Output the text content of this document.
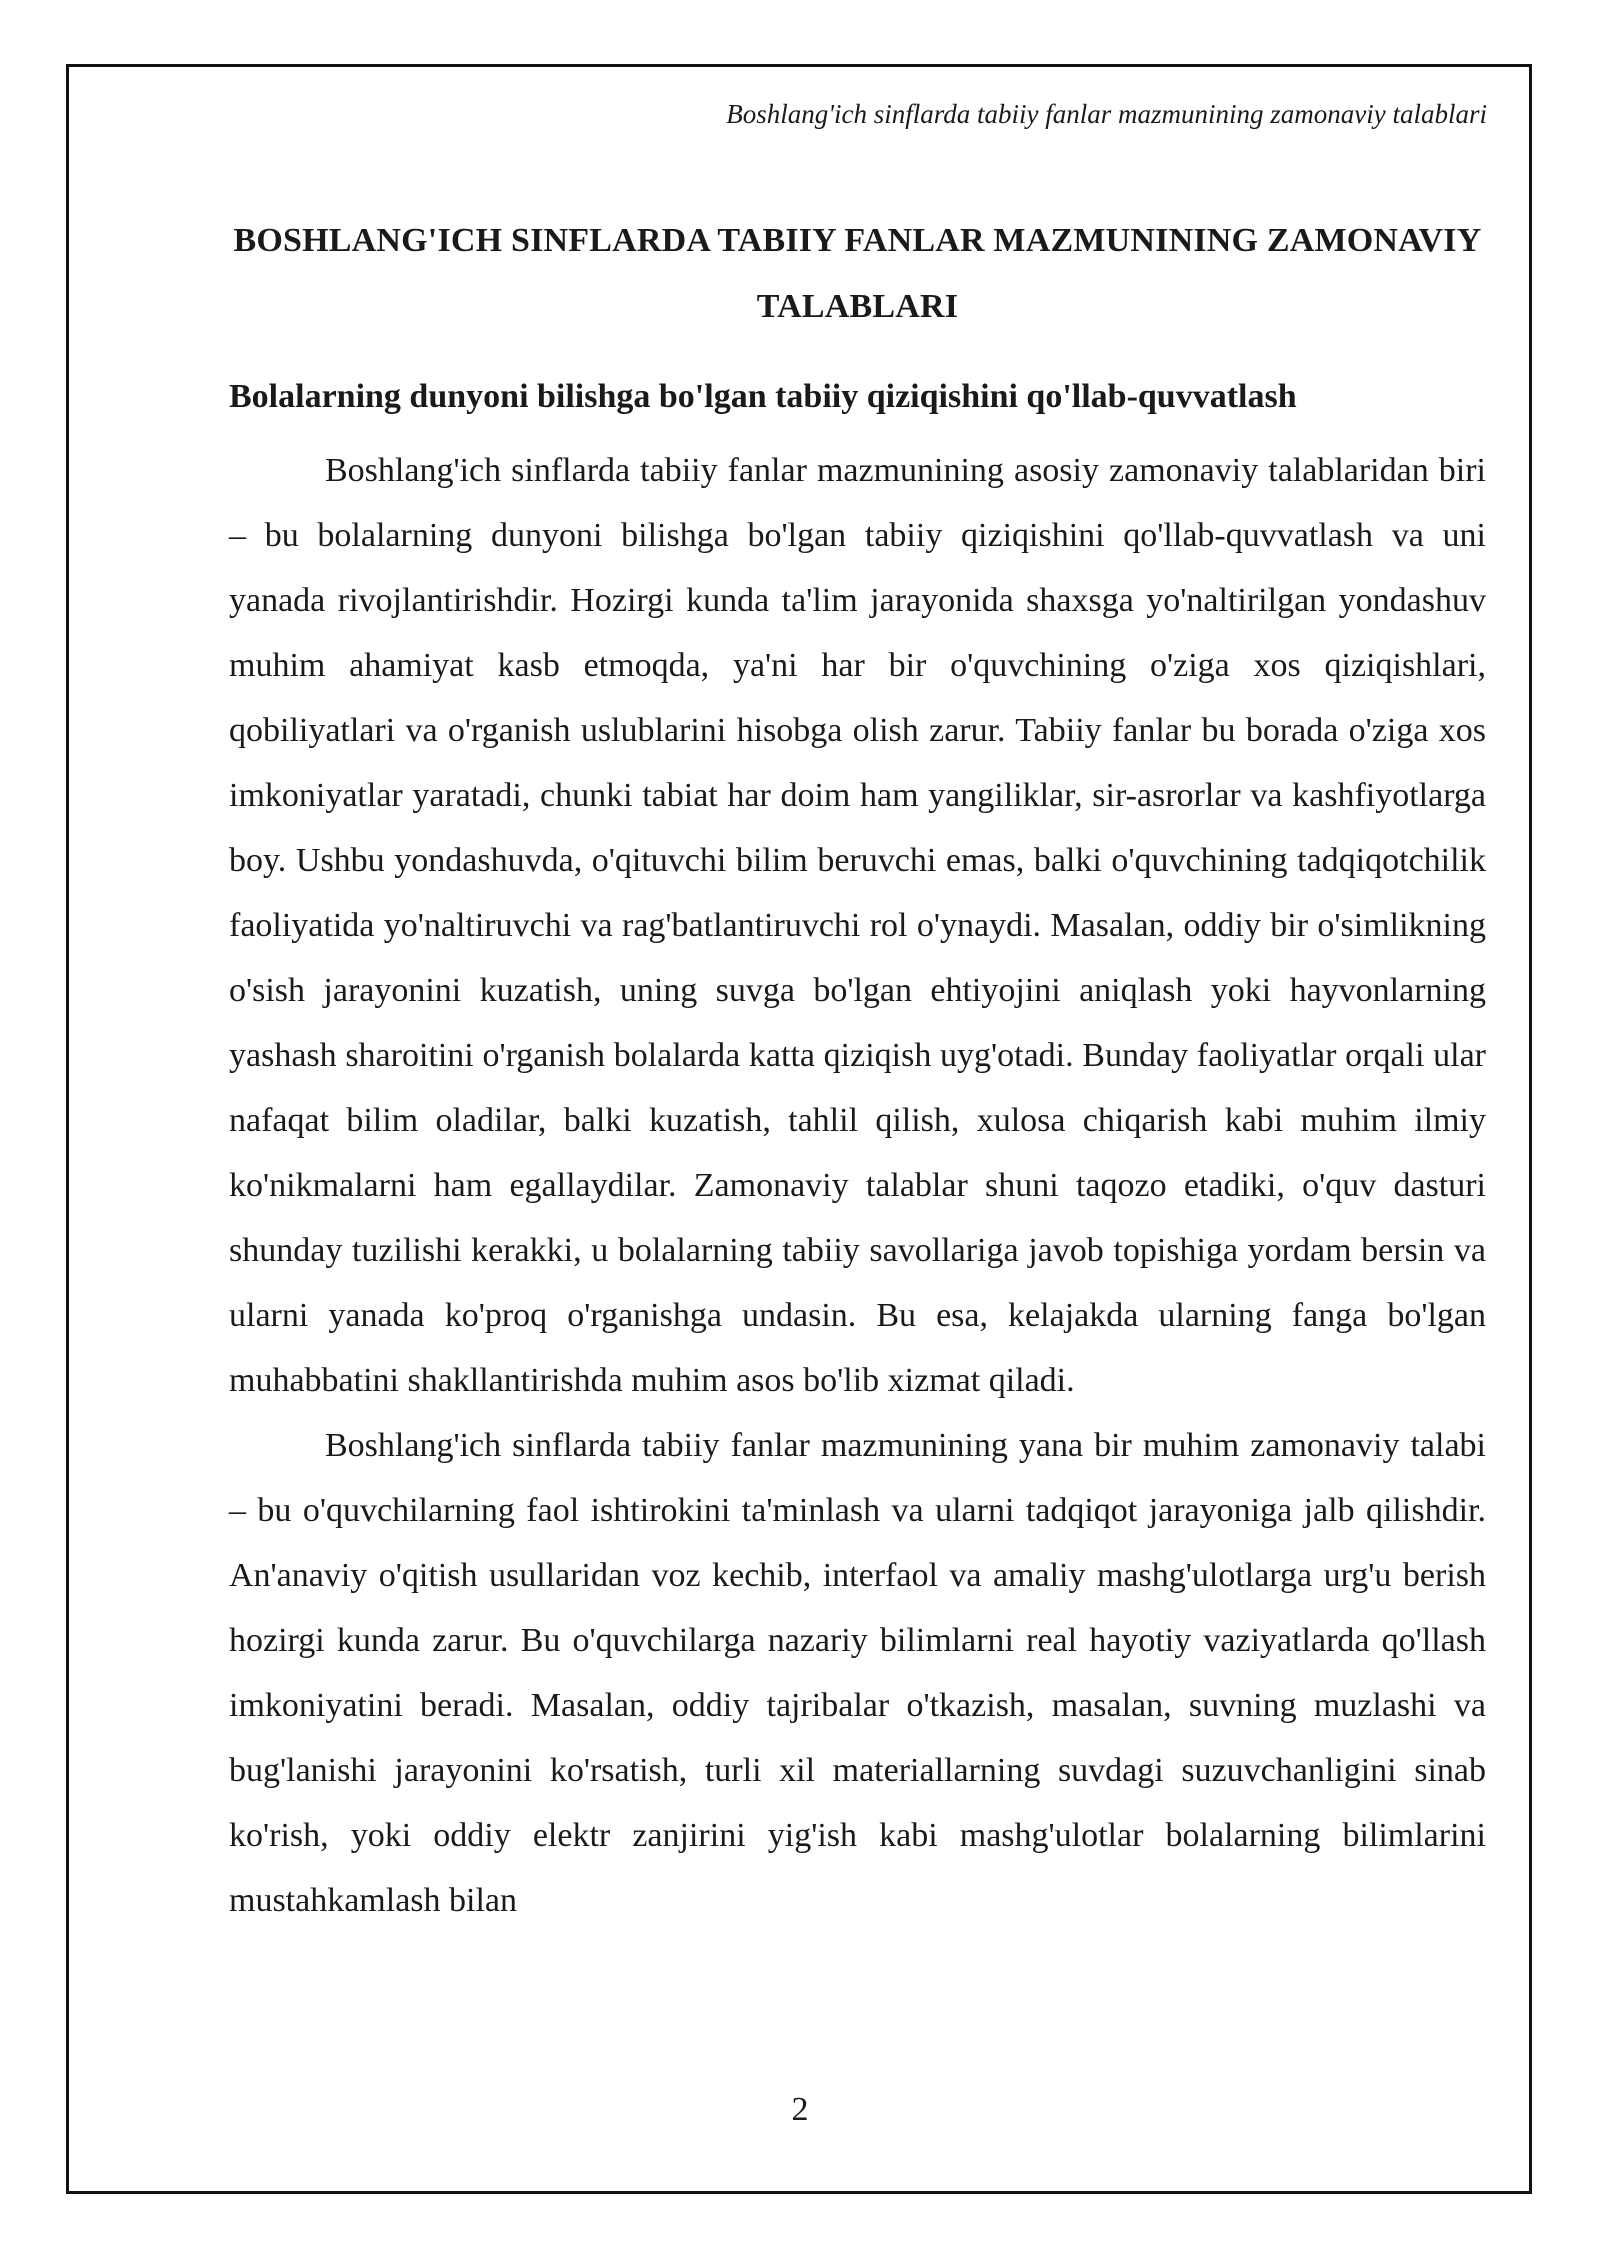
Boshlang'ich sinflarda tabiiy fanlar mazmunining zamonaviy talablari
BOSHLANG'ICH SINFLARDA TABIIY FANLAR MAZMUNINING ZAMONAVIY TALABLARI
Bolalarning dunyoni bilishga bo'lgan tabiiy qiziqishini qo'llab-quvvatlash

Boshlang'ich sinflarda tabiiy fanlar mazmunining asosiy zamonaviy talablaridan biri – bu bolalarning dunyoni bilishga bo'lgan tabiiy qiziqishini qo'llab-quvvatlash va uni yanada rivojlantirishdir. Hozirgi kunda ta'lim jarayonida shaxsga yo'naltirilgan yondashuv muhim ahamiyat kasb etmoqda, ya'ni har bir o'quvchining o'ziga xos qiziqishlari, qobiliyatlari va o'rganish uslublarini hisobga olish zarur. Tabiiy fanlar bu borada o'ziga xos imkoniyatlar yaratadi, chunki tabiat har doim ham yangiliklar, sir-asrorlar va kashfiyotlarga boy. Ushbu yondashuvda, o'qituvchi bilim beruvchi emas, balki o'quvchining tadqiqotchilik faoliyatida yo'naltiruvchi va rag'batlantiruvchi rol o'ynaydi. Masalan, oddiy bir o'simlikning o'sish jarayonini kuzatish, uning suvga bo'lgan ehtiyojini aniqlash yoki hayvonlarning yashash sharoitini o'rganish bolalarda katta qiziqish uyg'otadi. Bunday faoliyatlar orqali ular nafaqat bilim oladilar, balki kuzatish, tahlil qilish, xulosa chiqarish kabi muhim ilmiy ko'nikmalarni ham egallaydilar. Zamonaviy talablar shuni taqozo etadiki, o'quv dasturi shunday tuzilishi kerakki, u bolalarning tabiiy savollariga javob topishiga yordam bersin va ularni yanada ko'proq o'rganishga undasin. Bu esa, kelajakda ularning fanga bo'lgan muhabbatini shakllantirishda muhim asos bo'lib xizmat qiladi.

Boshlang'ich sinflarda tabiiy fanlar mazmunining yana bir muhim zamonaviy talabi – bu o'quvchilarning faol ishtirokini ta'minlash va ularni tadqiqot jarayoniga jalb qilishdir. An'anaviy o'qitish usullaridan voz kechib, interfaol va amaliy mashg'ulotlarga urg'u berish hozirgi kunda zarur. Bu o'quvchilarga nazariy bilimlarni real hayotiy vaziyatlarda qo'llash imkoniyatini beradi. Masalan, oddiy tajribalar o'tkazish, masalan, suvning muzlashi va bug'lanishi jarayonini ko'rsatish, turli xil materiallarning suvdagi suzuvchanligini sinab ko'rish, yoki oddiy elektr zanjirini yig'ish kabi mashg'ulotlar bolalarning bilimlarini mustahkamlash bilan

2
